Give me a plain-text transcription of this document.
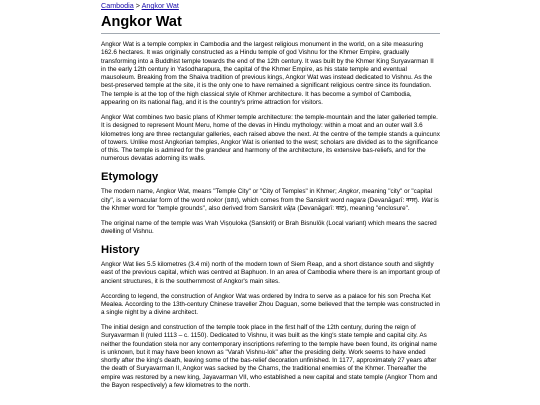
Cambodia > Angkor Wat
Angkor Wat

Angkor Wat is a temple complex in Cambodia and the largest religious monument in the world, on a site measuring 162.6 hectares. It was originally constructed as a Hindu temple of god Vishnu for the Khmer Empire, gradually transforming into a Buddhist temple towards the end of the 12th century. It was built by the Khmer King Suryavarman II in the early 12th century in Yaśodharapura, the capital of the Khmer Empire, as his state temple and eventual mausoleum. Breaking from the Shaiva tradition of previous kings, Angkor Wat was instead dedicated to Vishnu. As the best-preserved temple at the site, it is the only one to have remained a significant religious centre since its foundation. The temple is at the top of the high classical style of Khmer architecture. It has become a symbol of Cambodia, appearing on its national flag, and it is the country's prime attraction for visitors.

Angkor Wat combines two basic plans of Khmer temple architecture: the temple-mountain and the later galleried temple. It is designed to represent Mount Meru, home of the devas in Hindu mythology: within a moat and an outer wall 3.6 kilometres long are three rectangular galleries, each raised above the next. At the centre of the temple stands a quincunx of towers. Unlike most Angkorian temples, Angkor Wat is oriented to the west; scholars are divided as to the significance of this. The temple is admired for the grandeur and harmony of the architecture, its extensive bas-reliefs, and for the numerous devatas adorning its walls.

Etymology

The modern name, Angkor Wat, means "Temple City" or "City of Temples" in Khmer; Angkor, meaning "city" or "capital city", is a vernacular form of the word nokor (នគរ), which comes from the Sanskrit word nagara (Devanāgarī: नगर). Wat is the Khmer word for "temple grounds", also derived from Sanskrit vāṭa (Devanāgarī: वाट), meaning "enclosure".

The original name of the temple was Vrah Viṣṇuloka (Sanskrit) or Brah Bisnulōk (Local variant) which means the sacred dwelling of Vishnu.

History

Angkor Wat lies 5.5 kilometres (3.4 mi) north of the modern town of Siem Reap, and a short distance south and slightly east of the previous capital, which was centred at Baphuon. In an area of Cambodia where there is an important group of ancient structures, it is the southernmost of Angkor's main sites.

According to legend, the construction of Angkor Wat was ordered by Indra to serve as a palace for his son Precha Ket Mealea. According to the 13th-century Chinese traveller Zhou Daguan, some believed that the temple was constructed in a single night by a divine architect.

The initial design and construction of the temple took place in the first half of the 12th century, during the reign of Suryavarman II (ruled 1113 – c. 1150). Dedicated to Vishnu, it was built as the king's state temple and capital city. As neither the foundation stela nor any contemporary inscriptions referring to the temple have been found, its original name is unknown, but it may have been known as "Varah Vishnu-lok" after the presiding deity. Work seems to have ended shortly after the king's death, leaving some of the bas-relief decoration unfinished. In 1177, approximately 27 years after the death of Suryavarman II, Angkor was sacked by the Chams, the traditional enemies of the Khmer. Thereafter the empire was restored by a new king, Jayavarman VII, who established a new capital and state temple (Angkor Thom and the Bayon respectively) a few kilometres to the north.
